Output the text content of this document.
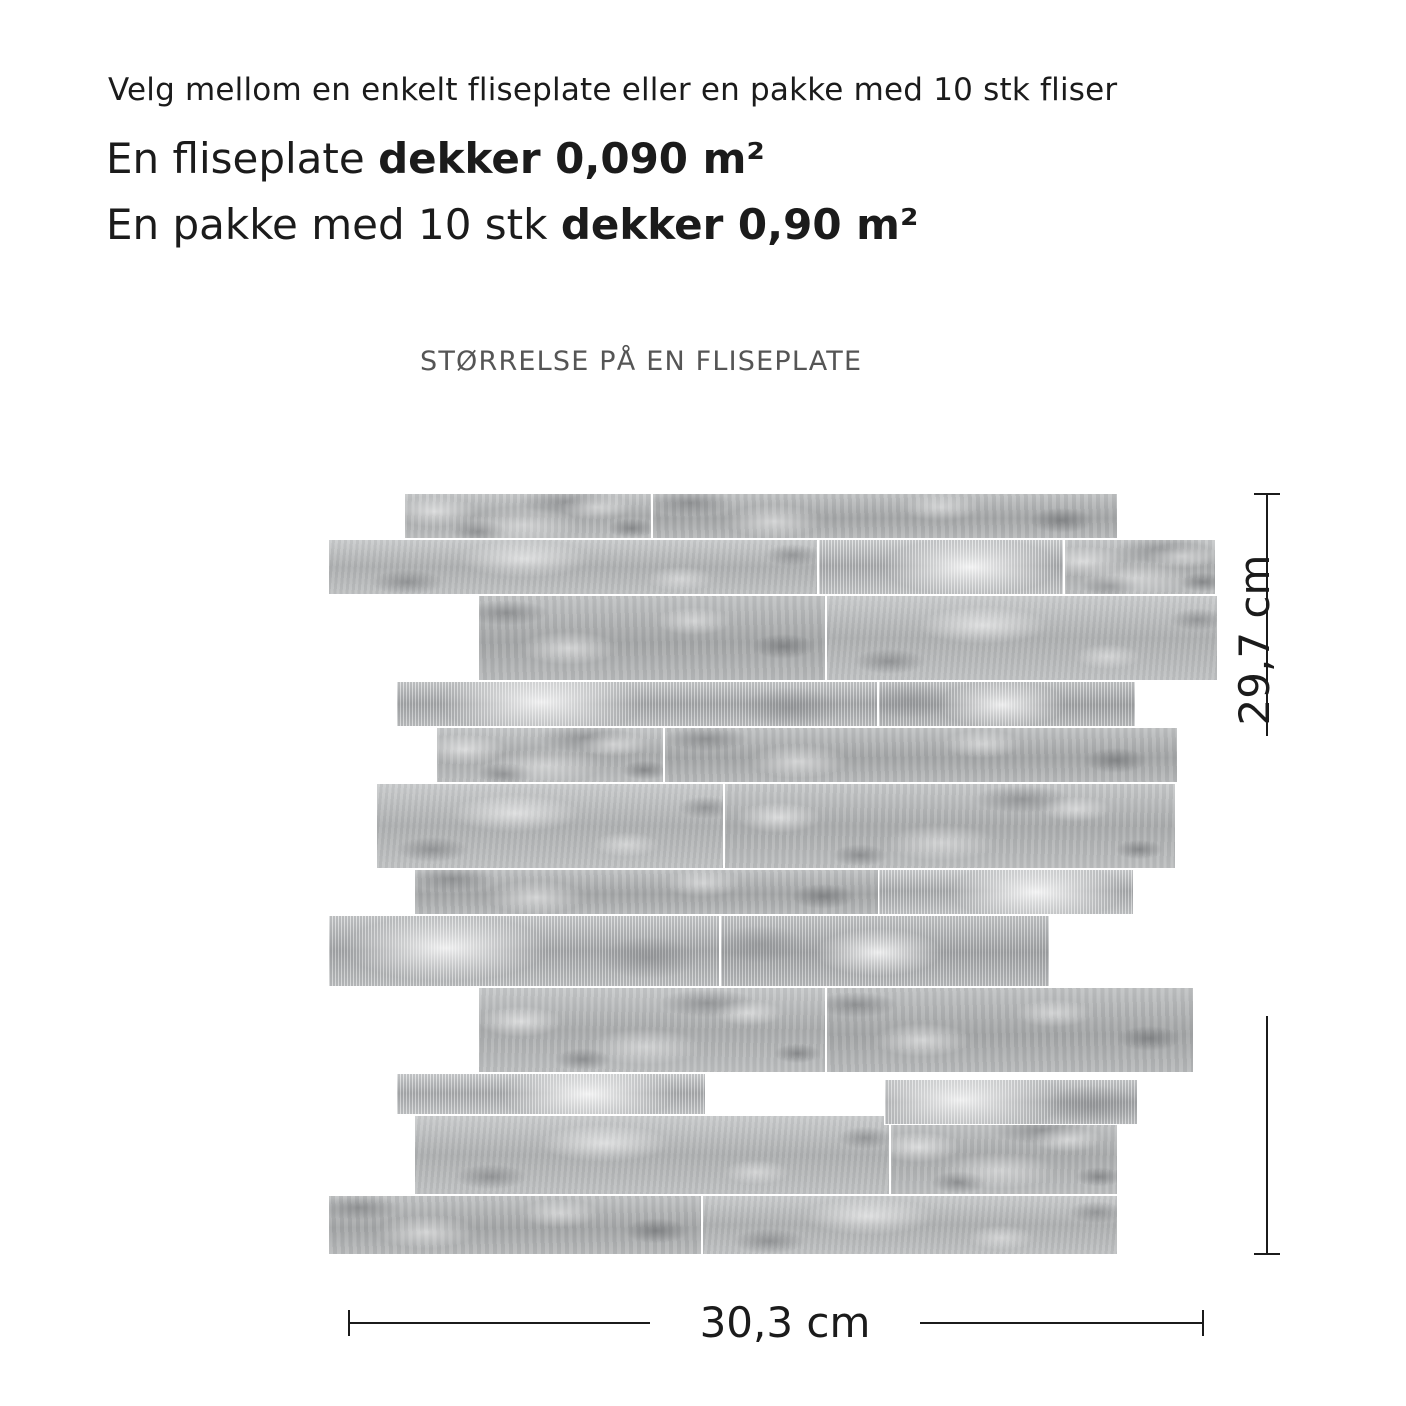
Velg mellom en enkelt fliseplate eller en pakke med 10 stk fliser
En fliseplate dekker 0,090 m²
En pakke med 10 stk dekker 0,90 m²
STØRRELSE PÅ EN FLISEPLATE
29,7 cm
30,3 cm
